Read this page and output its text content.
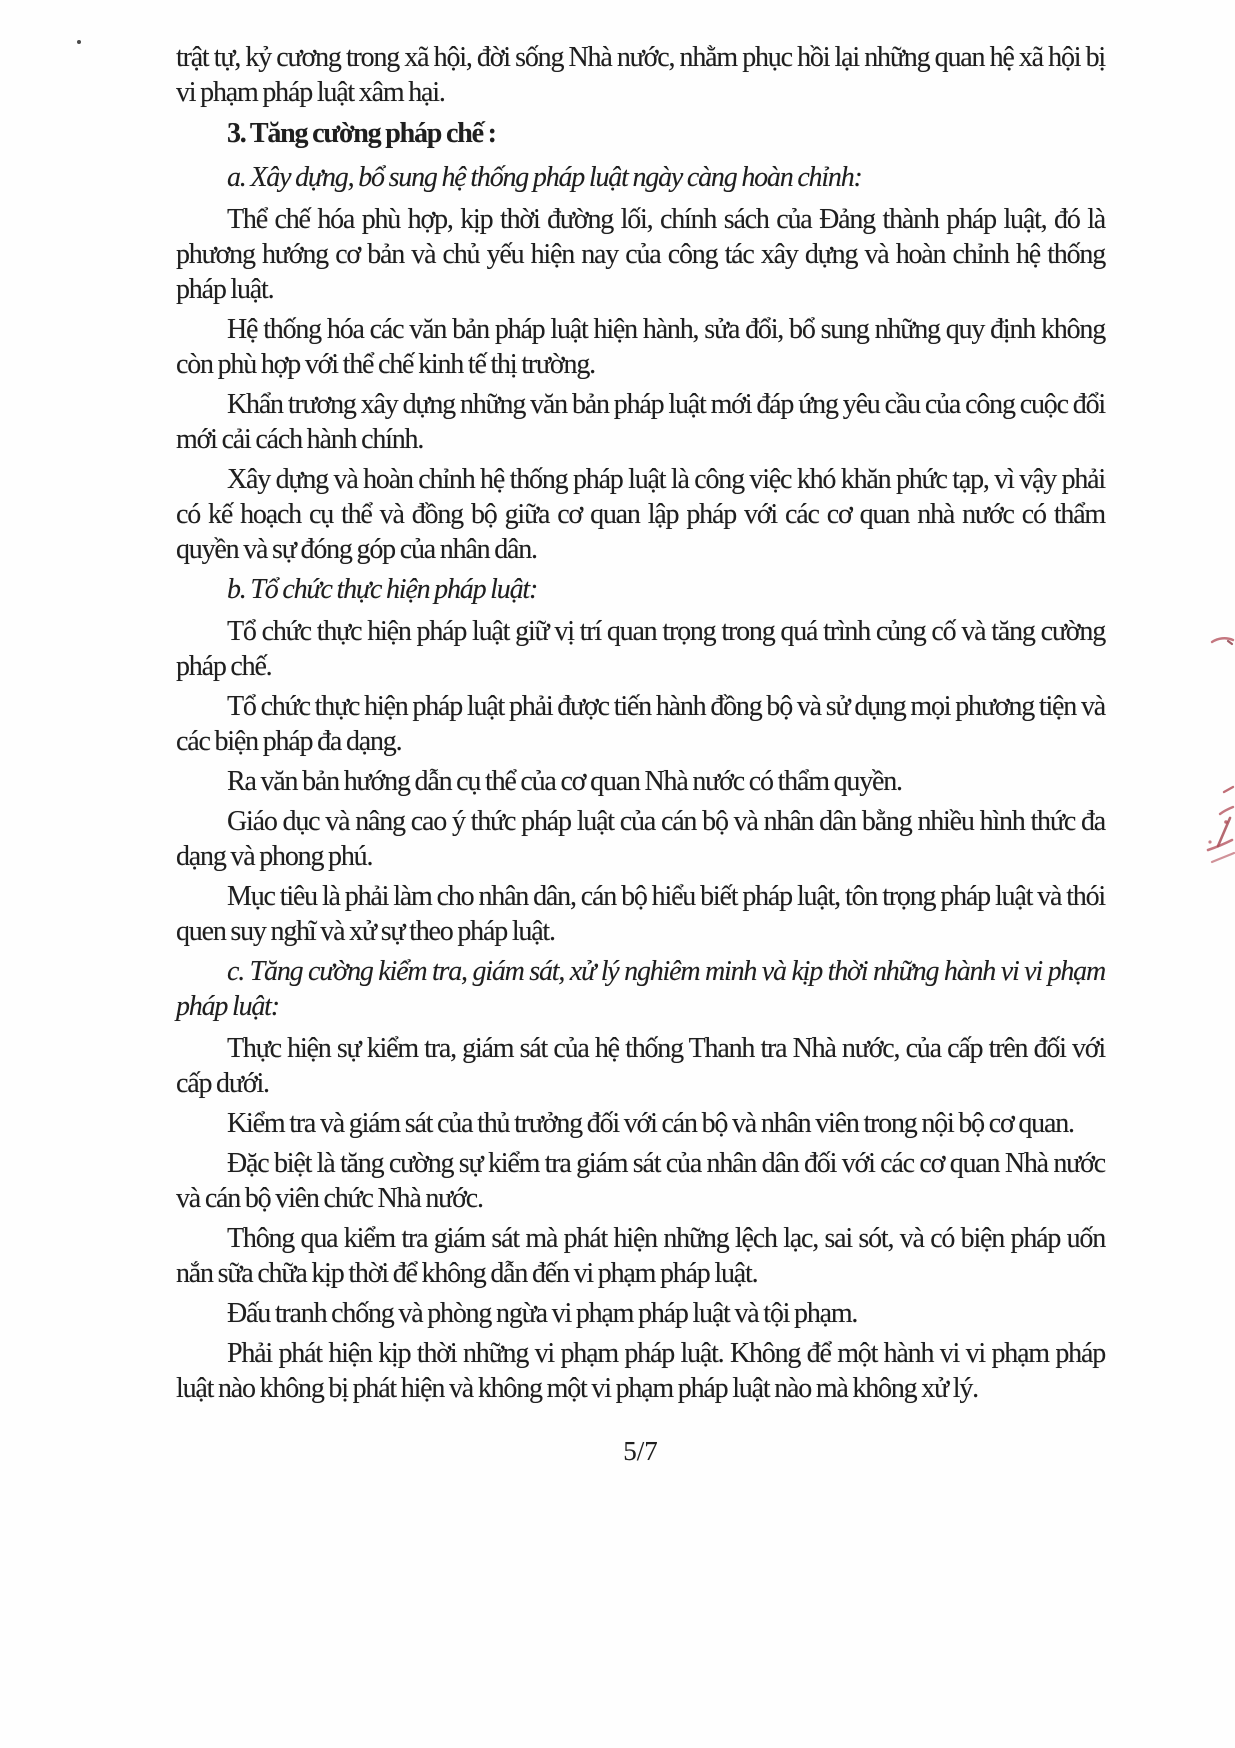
trật tự, kỷ cương trong xã hội, đời sống Nhà nước, nhằm phục hồi lại những quan hệ xã hội bị vi phạm pháp luật xâm hại.

3. Tăng cường pháp chế :

a. Xây dựng, bổ sung hệ thống pháp luật ngày càng hoàn chỉnh:

Thể chế hóa phù hợp, kịp thời đường lối, chính sách của Đảng thành pháp luật, đó là phương hướng cơ bản và chủ yếu hiện nay của công tác xây dựng và hoàn chỉnh hệ thống pháp luật.

Hệ thống hóa các văn bản pháp luật hiện hành, sửa đổi, bổ sung những quy định không còn phù hợp với thể chế kinh tế thị trường.

Khẩn trương xây dựng những văn bản pháp luật mới đáp ứng yêu cầu của công cuộc đổi mới cải cách hành chính.

Xây dựng và hoàn chỉnh hệ thống pháp luật là công việc khó khăn phức tạp, vì vậy phải có kế hoạch cụ thể và đồng bộ giữa cơ quan lập pháp với các cơ quan nhà nước có thẩm quyền và sự đóng góp của nhân dân.

b. Tổ chức thực hiện pháp luật:

Tổ chức thực hiện pháp luật giữ vị trí quan trọng trong quá trình củng cố và tăng cường pháp chế.

Tổ chức thực hiện pháp luật phải được tiến hành đồng bộ và sử dụng mọi phương tiện và các biện pháp đa dạng.

Ra văn bản hướng dẫn cụ thể của cơ quan Nhà nước có thẩm quyền.

Giáo dục và nâng cao ý thức pháp luật của cán bộ và nhân dân bằng nhiều hình thức đa dạng và phong phú.

Mục tiêu là phải làm cho nhân dân, cán bộ hiểu biết pháp luật, tôn trọng pháp luật và thói quen suy nghĩ và xử sự theo pháp luật.

c. Tăng cường kiểm tra, giám sát, xử lý nghiêm minh và kịp thời những hành vi vi phạm pháp luật:

Thực hiện sự kiểm tra, giám sát của hệ thống Thanh tra Nhà nước, của cấp trên đối với cấp dưới.

Kiểm tra và giám sát của thủ trưởng đối với cán bộ và nhân viên trong nội bộ cơ quan.

Đặc biệt là tăng cường sự kiểm tra giám sát của nhân dân đối với các cơ quan Nhà nước và cán bộ viên chức Nhà nước.

Thông qua kiểm tra giám sát mà phát hiện những lệch lạc, sai sót, và có biện pháp uốn nắn sữa chữa kịp thời để không dẫn đến vi phạm pháp luật.

Đấu tranh chống và phòng ngừa vi phạm pháp luật và tội phạm.

Phải phát hiện kịp thời những vi phạm pháp luật. Không để một hành vi vi phạm pháp luật nào không bị phát hiện và không một vi phạm pháp luật nào mà không xử lý.

5/7
